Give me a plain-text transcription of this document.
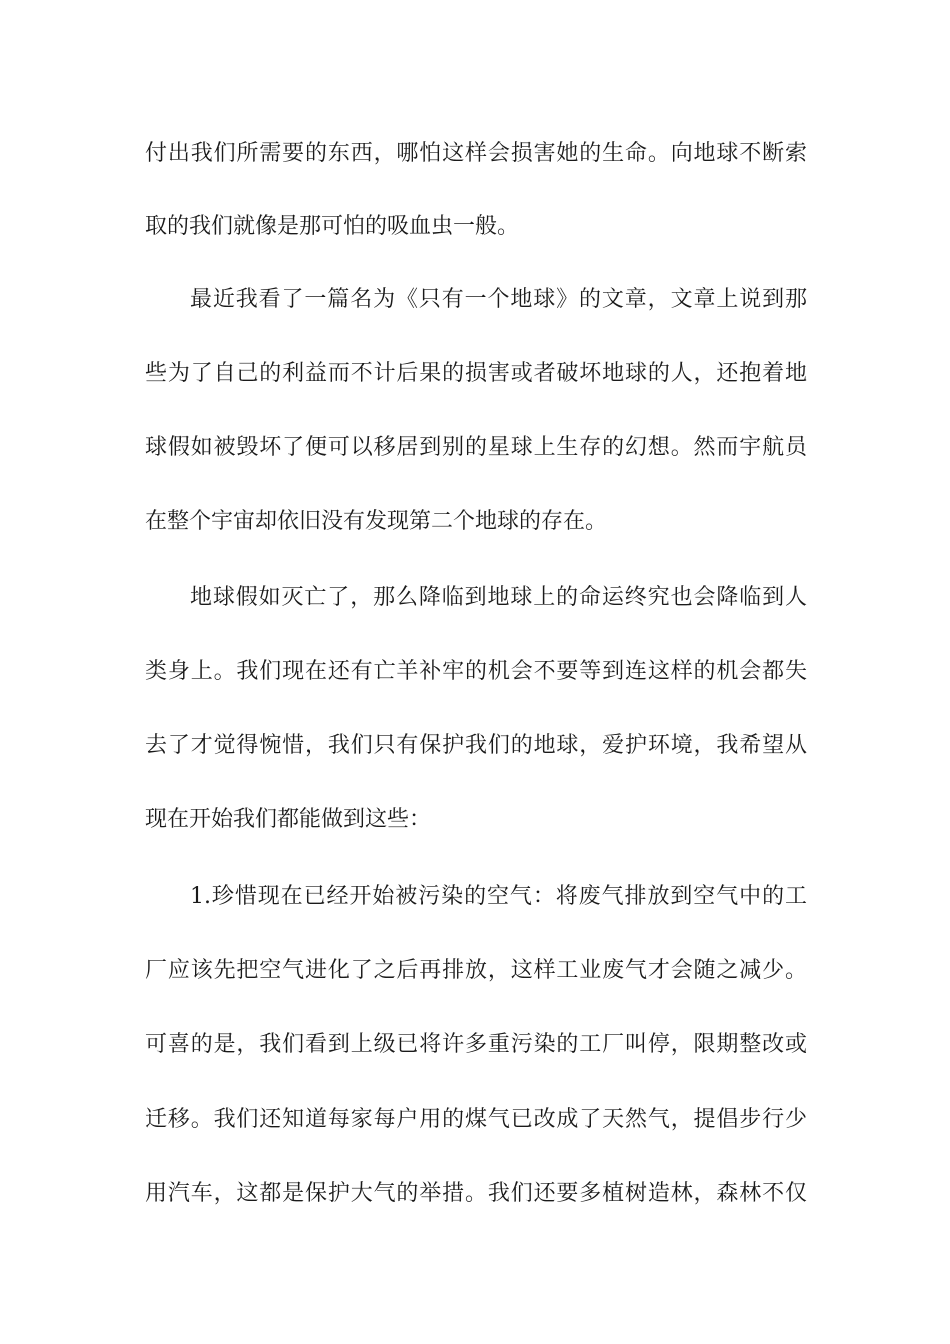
付出我们所需要的东西，哪怕这样会损害她的生命。向地球不断索
取的我们就像是那可怕的吸血虫一般。
最近我看了一篇名为《只有一个地球》的文章，文章上说到那
些为了自己的利益而不计后果的损害或者破坏地球的人，还抱着地
球假如被毁坏了便可以移居到别的星球上生存的幻想。然而宇航员
在整个宇宙却依旧没有发现第二个地球的存在。
地球假如灭亡了，那么降临到地球上的命运终究也会降临到人
类身上。我们现在还有亡羊补牢的机会不要等到连这样的机会都失
去了才觉得惋惜，我们只有保护我们的地球，爱护环境，我希望从
现在开始我们都能做到这些：
1.珍惜现在已经开始被污染的空气：将废气排放到空气中的工
厂应该先把空气进化了之后再排放，这样工业废气才会随之减少。
可喜的是，我们看到上级已将许多重污染的工厂叫停，限期整改或
迁移。我们还知道每家每户用的煤气已改成了天然气，提倡步行少
用汽车，这都是保护大气的举措。我们还要多植树造林，森林不仅
